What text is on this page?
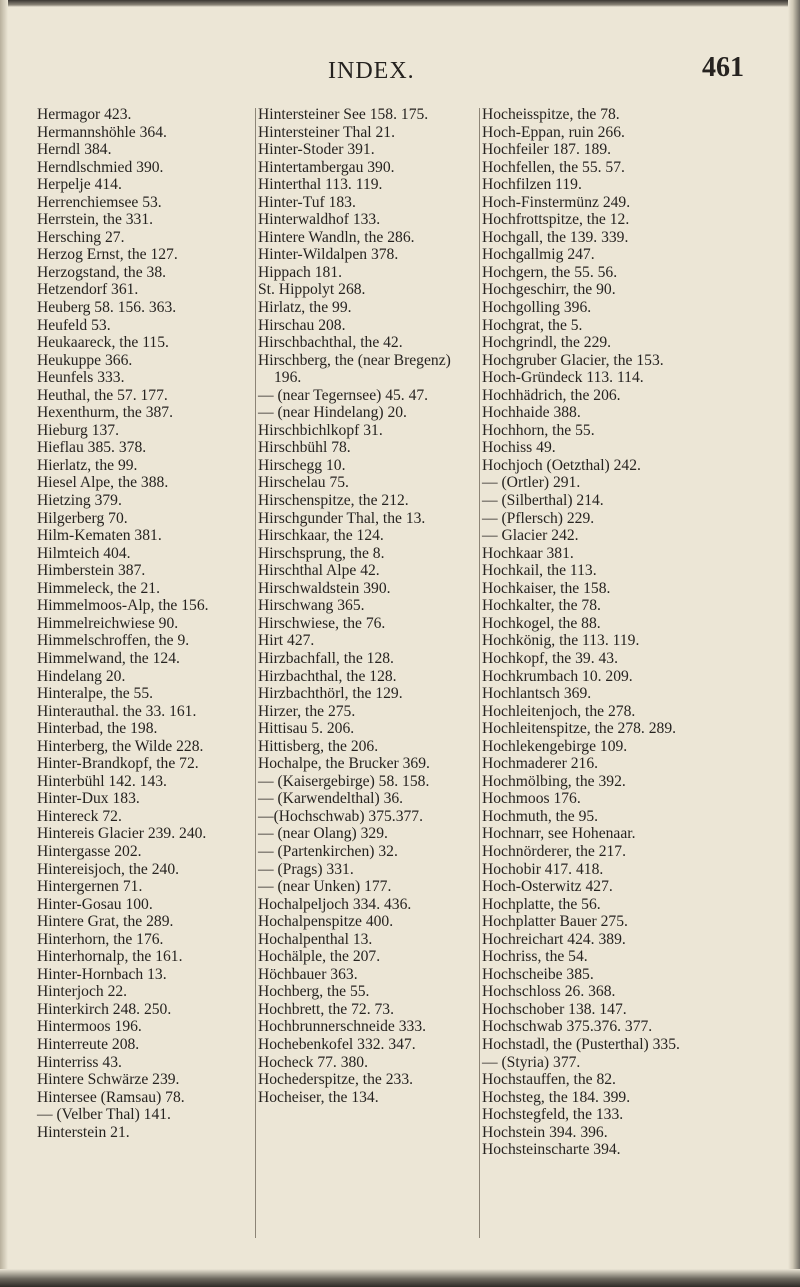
INDEX.	461

Hermagor 423.

Hermannshöhle 364.

Herndl 384.

Herndlschmied 390.

Herpelje 414.

Herrenchiemsee 53.

Herrstein, the 331.

Hersching 27.

Herzog Ernst, the 127.

Herzogstand, the 38.

Hetzendorf 361.

Heuberg 58. 156. 363.

Heufeld 53.

Heukaareck, the 115.

Heukuppe 366.

Heunfels 333.

Heuthal, the 57. 177.

Hexenthurm, the 387.

Hieburg 137.

Hieflau 385. 378.

Hierlatz, the 99.

Hiesel Alpe, the 388.

Hietzing 379.

Hilgerberg 70.

Hilm-Kematen 381.

Hilmteich 404.

Himberstein 387.

Himmeleck, the 21.

Himmelmoos-Alp, the 156.

Himmelreichwiese 90.

Himmelschroffen, the 9.

Himmelwand, the 124.

Hindelang 20.

Hinteralpe, the 55.

Hinterauthal. the 33. 161.

Hinterbad, the 198.

Hinterberg, the Wilde 228.

Hinter-Brandkopf, the 72.

Hinterbühl 142. 143.

Hinter-Dux 183.

Hintereck 72.

Hintereis Glacier 239. 240.

Hintergasse 202.

Hintereisjoch, the 240.

Hintergernen 71.

Hinter-Gosau 100.

Hintere Grat, the 289.

Hinterhorn, the 176.

Hinterhornalp, the 161.

Hinter-Hornbach 13.

Hinterjoch 22.

Hinterkirch 248. 250.

Hintermoos 196.

Hinterreute 208.

Hinterriss 43.

Hintere Schwärze 239.

Hintersee (Ramsau) 78.

— (Velber Thal) 141.

Hinterstein 21.

Hintersteiner See 158. 175.

Hintersteiner Thal 21.

Hinter-Stoder 391.

Hintertambergau 390.

Hinterthal 113. 119.

Hinter-Tuf 183.

Hinterwaldhof 133.

Hintere Wandln, the 286.

Hinter-Wildalpen 378.

Hippach 181.

St. Hippolyt 268.

Hirlatz, the 99.

Hirschau 208.

Hirschbachthal, the 42.

Hirschberg, the (near Bregenz) 196.

— (near Tegernsee) 45. 47.

— (near Hindelang) 20.

Hirschbichlkopf 31.

Hirschbühl 78.

Hirschegg 10.

Hirschelau 75.

Hirschenspitze, the 212.

Hirschgunder Thal, the 13.

Hirschkaar, the 124.

Hirschsprung, the 8.

Hirschthal Alpe 42.

Hirschwaldstein 390.

Hirschwang 365.

Hirschwiese, the 76.

Hirt 427.

Hirzbachfall, the 128.

Hirzbachthal, the 128.

Hirzbachthörl, the 129.

Hirzer, the 275.

Hittisau 5. 206.

Hittisberg, the 206.

Hochalpe, the Brucker 369.

— (Kaisergebirge) 58. 158.

— (Karwendelthal) 36.

—(Hochschwab) 375.377.

— (near Olang) 329.

— (Partenkirchen) 32.

— (Prags) 331.

— (near Unken) 177.

Hochalpeljoch 334. 436.

Hochalpenspitze 400.

Hochalpenthal 13.

Hochälple, the 207.

Höchbauer 363.

Hochberg, the 55.

Hochbrett, the 72. 73.

Hochbrunnerschneide 333.

Hochebenkofel 332. 347.

Hocheck 77. 380.

Hochederspitze, the 233.

Hocheiser, the 134.

Hocheisspitze, the 78.

Hoch-Eppan, ruin 266.

Hochfeiler 187. 189.

Hochfellen, the 55. 57.

Hochfilzen 119.

Hoch-Finstermünz 249.

Hochfrottspitze, the 12.

Hochgall, the 139. 339.

Hochgallmig 247.

Hochgern, the 55. 56.

Hochgeschirr, the 90.

Hochgolling 396.

Hochgrat, the 5.

Hochgrindl, the 229.

Hochgruber Glacier, the 153.

Hoch-Gründeck 113. 114.

Hochhädrich, the 206.

Hochhaide 388.

Hochhorn, the 55.

Hochiss 49.

Hochjoch (Oetzthal) 242.

— (Ortler) 291.

— (Silberthal) 214.

— (Pflersch) 229.

— Glacier 242.

Hochkaar 381.

Hochkail, the 113.

Hochkaiser, the 158.

Hochkalter, the 78.

Hochkogel, the 88.

Hochkönig, the 113. 119.

Hochkopf, the 39. 43.

Hochkrumbach 10. 209.

Hochlantsch 369.

Hochleitenjoch, the 278.

Hochleitenspitze, the 278. 289.

Hochlekengebirge 109.

Hochmaderer 216.

Hochmölbing, the 392.

Hochmoos 176.

Hochmuth, the 95.

Hochnarr, see Hohenaar.

Hochnörderer, the 217.

Hochobir 417. 418.

Hoch-Osterwitz 427.

Hochplatte, the 56.

Hochplatter Bauer 275.

Hochreichart 424. 389.

Hochriss, the 54.

Hochscheibe 385.

Hochschloss 26. 368.

Hochschober 138. 147.

Hochschwab 375.376. 377.

Hochstadl, the (Pusterthal) 335.

— (Styria) 377.

Hochstauffen, the 82.

Hochsteg, the 184. 399.

Hochstegfeld, the 133.

Hochstein 394. 396.

Hochsteinscharte 394.
